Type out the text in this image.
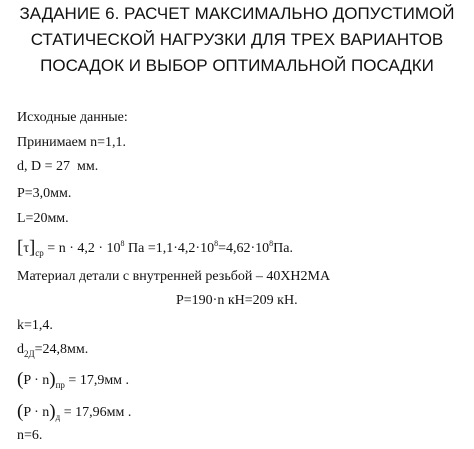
ЗАДАНИЕ 6. РАСЧЕТ МАКСИМАЛЬНО ДОПУСТИМОЙ
СТАТИЧЕСКОЙ НАГРУЗКИ ДЛЯ ТРЕХ ВАРИАНТОВ
ПОСАДОК И ВЫБОР ОПТИМАЛЬНОЙ ПОСАДКИ
Исходные данные:
Принимаем n=1,1.
d, D = 27  мм.
P=3,0мм.
L=20мм.
$[\tau]_{ср} = n \cdot 4,2 \cdot 10^8$ Па $=1,1\cdot 4,2\cdot 10^8=4,62\cdot 10^8Па$.
Материал детали с внутренней резьбой – 40ХН2МА
P=190·n кН=209 кН.
k=1,4.
$d_{2Д}=24,8мм$.
$(P \cdot n)_{пр} = 17,9мм$ .
$(P \cdot n)_д = 17,96мм$ .
n=6.
